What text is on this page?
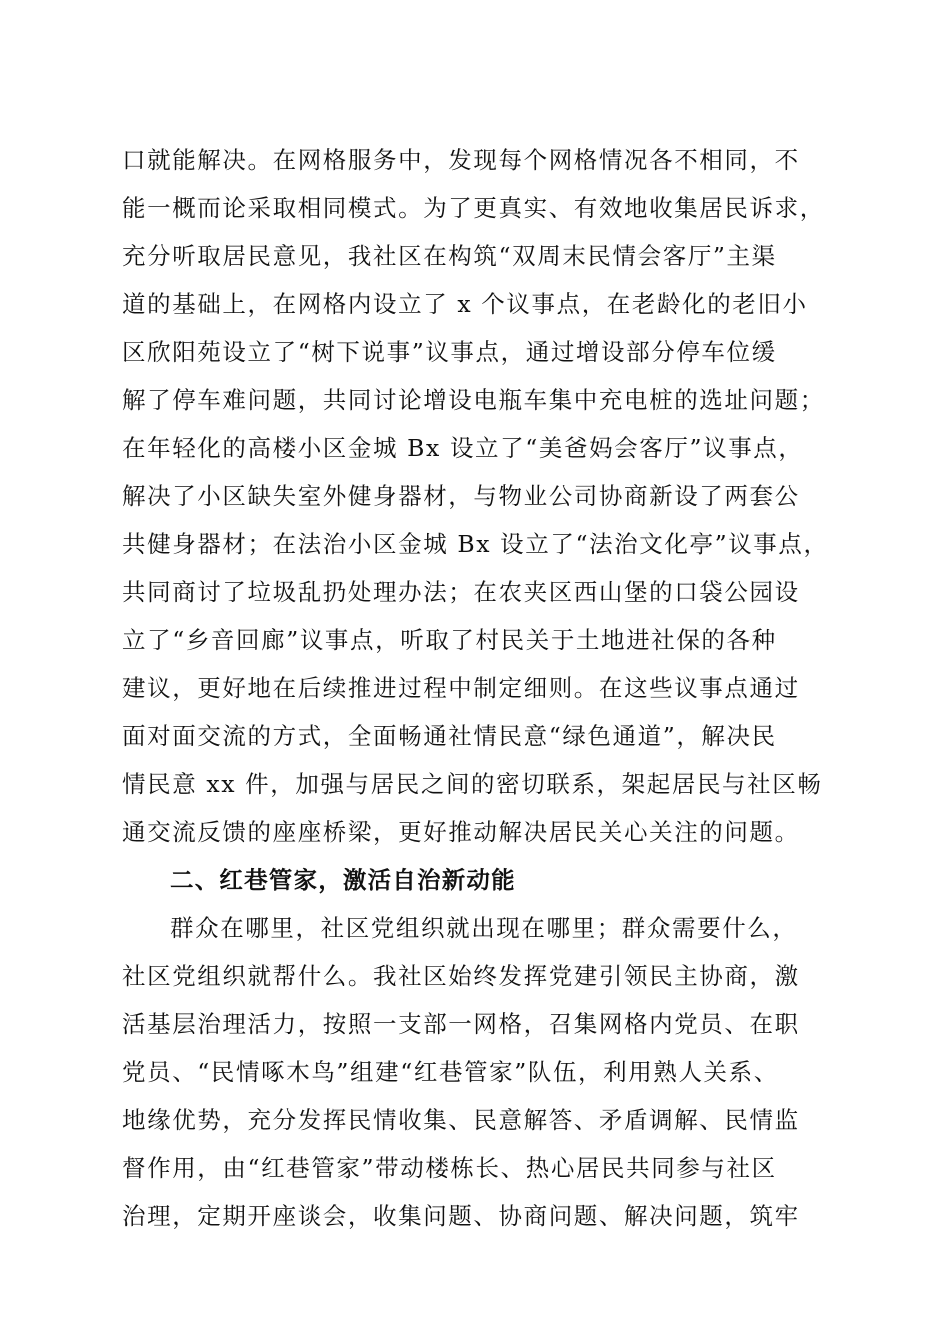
口就能解决。在网格服务中，发现每个网格情况各不相同，不
能一概而论采取相同模式。为了更真实、有效地收集居民诉求，
充分听取居民意见，我社区在构筑“双周末民情会客厅”主渠
道的基础上，在网格内设立了 x 个议事点，在老龄化的老旧小
区欣阳苑设立了“树下说事”议事点，通过增设部分停车位缓
解了停车难问题，共同讨论增设电瓶车集中充电桩的选址问题；
在年轻化的高楼小区金城 Bx 设立了“美爸妈会客厅”议事点，
解决了小区缺失室外健身器材，与物业公司协商新设了两套公
共健身器材；在法治小区金城 Bx 设立了“法治文化亭”议事点，
共同商讨了垃圾乱扔处理办法；在农夹区西山堡的口袋公园设
立了“乡音回廊”议事点，听取了村民关于土地进社保的各种
建议，更好地在后续推进过程中制定细则。在这些议事点通过
面对面交流的方式，全面畅通社情民意“绿色通道”，解决民
情民意 xx 件，加强与居民之间的密切联系，架起居民与社区畅
通交流反馈的座座桥梁，更好推动解决居民关心关注的问题。
二、红巷管家，激活自治新动能
群众在哪里，社区党组织就出现在哪里；群众需要什么，
社区党组织就帮什么。我社区始终发挥党建引领民主协商，激
活基层治理活力，按照一支部一网格，召集网格内党员、在职
党员、“民情啄木鸟”组建“红巷管家”队伍，利用熟人关系、
地缘优势，充分发挥民情收集、民意解答、矛盾调解、民情监
督作用，由“红巷管家”带动楼栋长、热心居民共同参与社区
治理，定期开座谈会，收集问题、协商问题、解决问题，筑牢
